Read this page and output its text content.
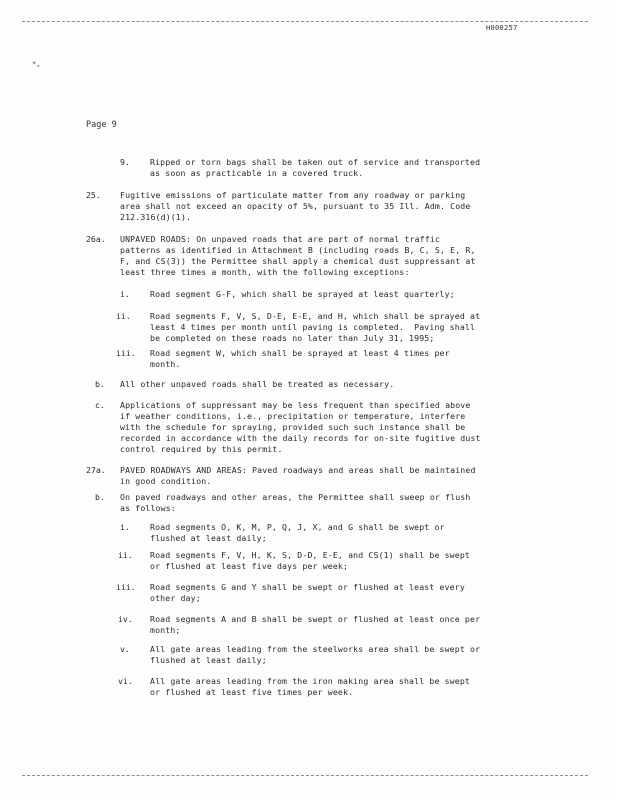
H000257
*,
Page 9
9. Ripped or torn bags shall be taken out of service and transported
as soon as practicable in a covered truck.
25. Fugitive emissions of particulate matter from any roadway or parking
area shall not exceed an opacity of 5%, pursuant to 35 Ill. Adm. Code
212.316(d)(1).
26a. UNPAVED ROADS: On unpaved roads that are part of normal traffic
patterns as identified in Attachment B (including roads B, C, S, E, R,
F, and CS(3)) the Permittee shall apply a chemical dust suppressant at
least three times a month, with the following exceptions:
i. Road segment G-F, which shall be sprayed at least quarterly;
ii. Road segments F, V, S, D-E, E-E, and H, which shall be sprayed at
least 4 times per month until paving is completed.  Paving shall
be completed on these roads no later than July 31, 1995;
iii. Road segment W, which shall be sprayed at least 4 times per
month.
b. All other unpaved roads shall be treated as necessary.
c. Applications of suppressant may be less frequent than specified above
if weather conditions, i.e., precipitation or temperature, interfere
with the schedule for spraying, provided such such instance shall be
recorded in accordance with the daily records for on-site fugitive dust
control required by this permit.
27a. PAVED ROADWAYS AND AREAS: Paved roadways and areas shall be maintained
in good condition.
b. On paved roadways and other areas, the Permittee shall sweep or flush
as follows:
i. Road segments O, K, M, P, Q, J, X, and G shall be swept or
flushed at least daily;
ii. Road segments F, V, H, K, S, D-D, E-E, and CS(1) shall be swept
or flushed at least five days per week;
iii. Road segments G and Y shall be swept or flushed at least every
other day;
iv. Road segments A and B shall be swept or flushed at least once per
month;
v. All gate areas leading from the steelworks area shall be swept or
flushed at least daily;
vi. All gate areas leading from the iron making area shall be swept
or flushed at least five times per week.
